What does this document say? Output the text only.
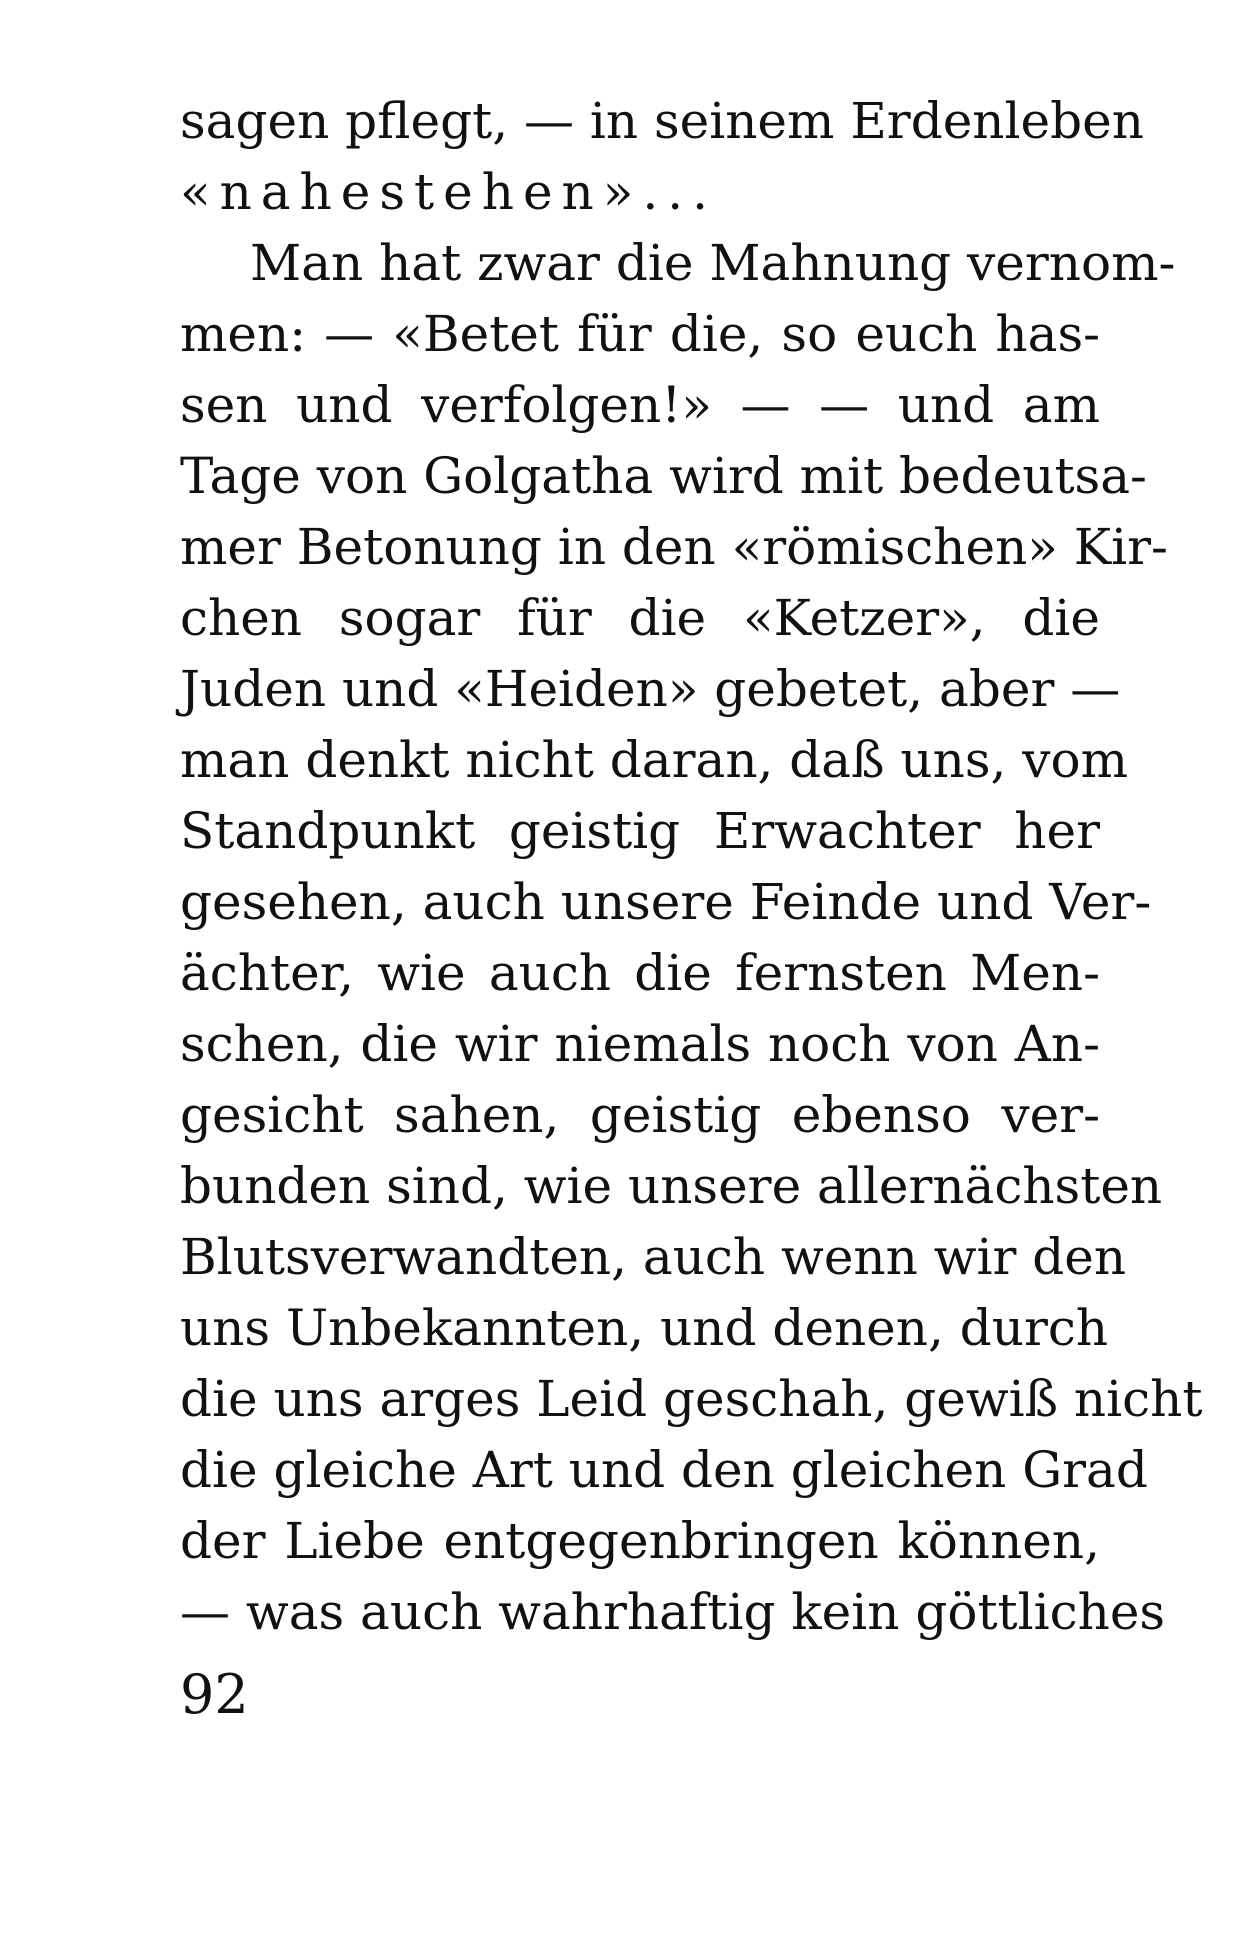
sagen pflegt, — in seinem Erdenleben
«nahestehen»...
Man hat zwar die Mahnung vernom-
men: — «Betet für die, so euch has-
sen und verfolgen!» — — und am
Tage von Golgatha wird mit bedeutsa-
mer Betonung in den «römischen» Kir-
chen sogar für die «Ketzer», die
Juden und «Heiden» gebetet, aber —
man denkt nicht daran, daß uns, vom
Standpunkt geistig Erwachter her
gesehen, auch unsere Feinde und Ver-
ächter, wie auch die fernsten Men-
schen, die wir niemals noch von An-
gesicht sahen, geistig ebenso ver-
bunden sind, wie unsere allernächsten
Blutsverwandten, auch wenn wir den
uns Unbekannten, und denen, durch
die uns arges Leid geschah, gewiß nicht
die gleiche Art und den gleichen Grad
der Liebe entgegenbringen können,
— was auch wahrhaftig kein göttliches
92
